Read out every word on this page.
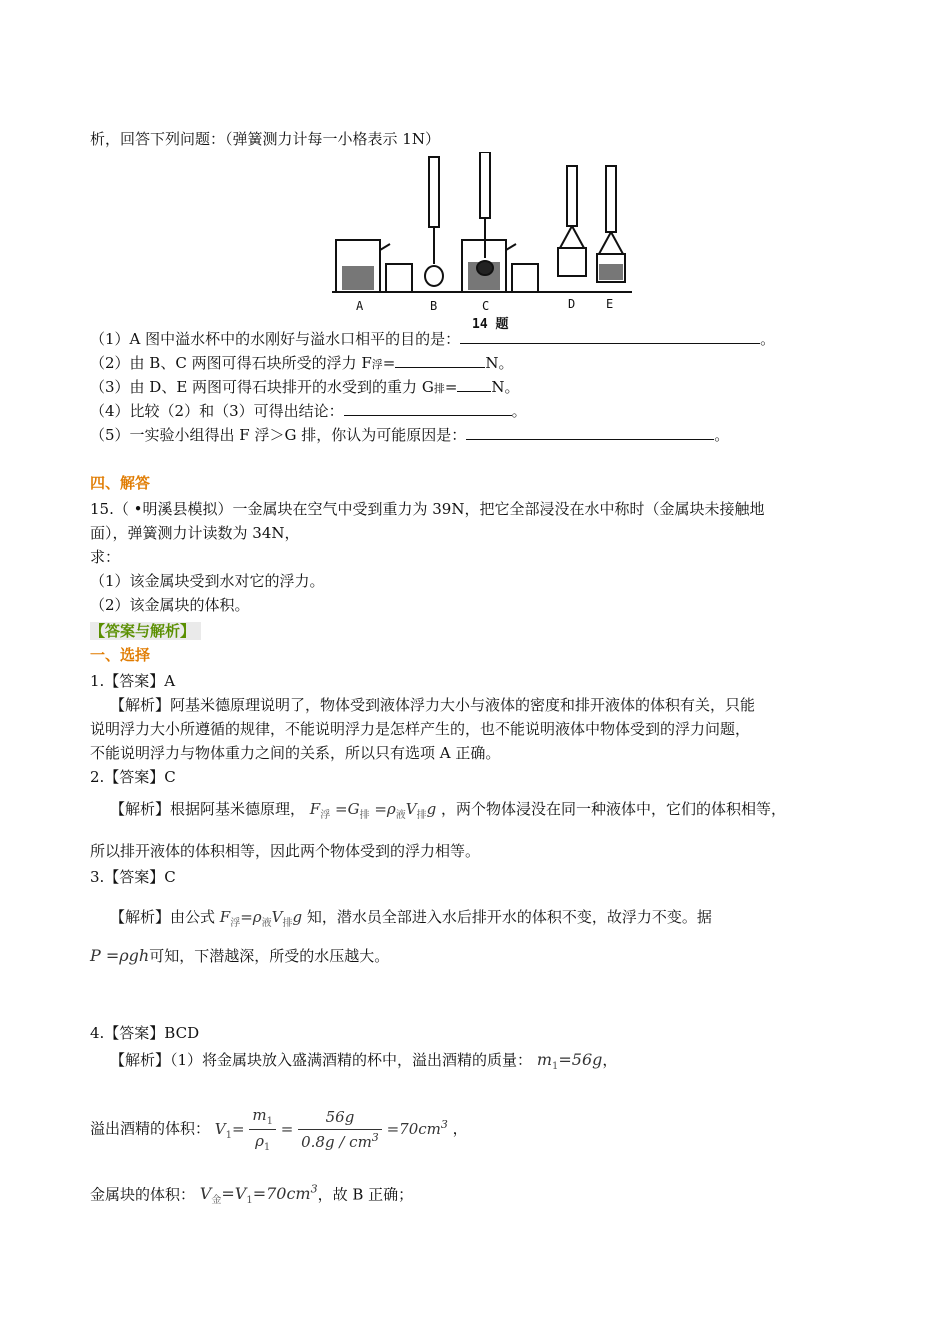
析，回答下列问题：（弹簧测力计每一小格表示 1N）
A	B	C	D	E
14 题
（1）A 图中溢水杯中的水刚好与溢水口相平的目的是：	。
（2）由 B、C 两图可得石块所受的浮力 F浮=	N。
（3）由 D、E 两图可得石块排开的水受到的重力 G排= N。
（4）比较（2）和（3）可得出结论：	。
（5）一实验小组得出 F 浮＞G 排，你认为可能原因是：	。
四、解答
15.（ •明溪县模拟）一金属块在空气中受到重力为 39N，把它全部浸没在水中称时（金属块未接触地
面），弹簧测力计读数为 34N，
求：
（1）该金属块受到水对它的浮力。
（2）该金属块的体积。
【答案与解析】
一、选择
1.【答案】A
【解析】阿基米德原理说明了，物体受到液体浮力大小与液体的密度和排开液体的体积有关，只能
说明浮力大小所遵循的规律，不能说明浮力是怎样产生的，也不能说明液体中物体受到的浮力问题，
不能说明浮力与物体重力之间的关系，所以只有选项 A 正确。
2.【答案】C
【解析】根据阿基米德原理， $F_浮 =G_排 =\rho_液V_排g$ ，两个物体浸没在同一种液体中，它们的体积相等，
所以排开液体的体积相等，因此两个物体受到的浮力相等。
3.【答案】C
【解析】由公式 $F_浮=\rho_液V_排g$ 知，潜水员全部进入水后排开水的体积不变，故浮力不变。据
P =ρgh可知，下潜越深，所受的水压越大。
4.【答案】BCD
【解析】（1）将金属块放入盛满酒精的杯中，溢出酒精的质量： $m_1=56g$，
溢出酒精的体积： $V_1= \frac{m_1}{\rho_1} = \frac{56g}{0.8g / cm^3} =70cm^3$ ，
金属块的体积： $V_金=V_1=70cm^3$，故 B 正确；
